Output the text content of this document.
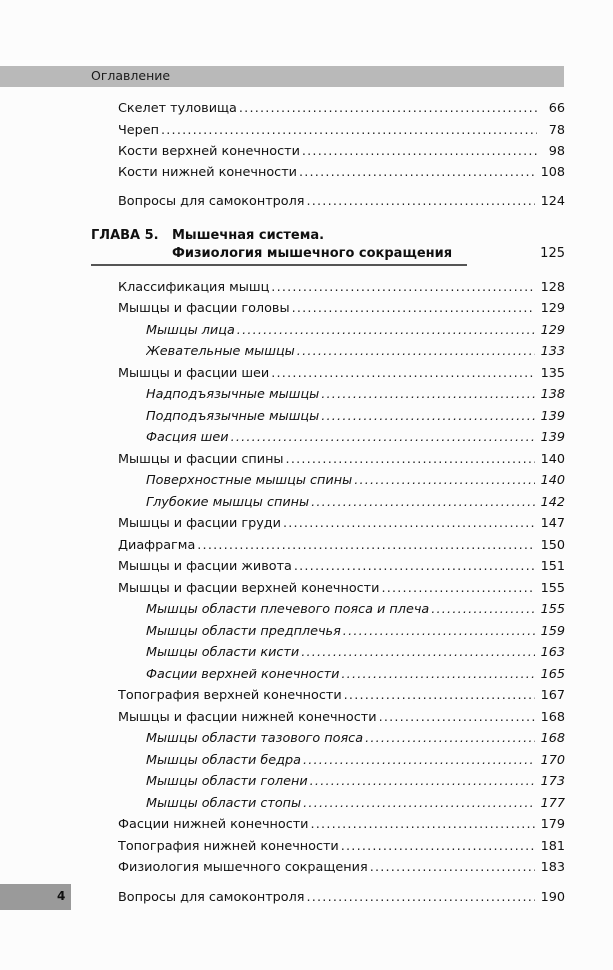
Оглавление
Скелет туловища .....	66
Череп .....	78
Кости верхней конечности .....	98
Кости нижней конечности .....	108
Вопросы для самоконтроля .....	124
ГЛАВА 5. Мышечная система.
Физиология мышечного сокращения	125
Классификация мышц .....	128
Мышцы и фасции головы .....	129
Мышцы лица .....	129
Жевательные мышцы .....	133
Мышцы и фасции шеи .....	135
Надподъязычные мышцы .....	138
Подподъязычные мышцы .....	139
Фасция шеи .....	139
Мышцы и фасции спины .....	140
Поверхностные мышцы спины .....	140
Глубокие мышцы спины .....	142
Мышцы и фасции груди .....	147
Диафрагма .....	150
Мышцы и фасции живота .....	151
Мышцы и фасции верхней конечности .....	155
Мышцы области плечевого пояса и плеча .....	155
Мышцы области предплечья .....	159
Мышцы области кисти .....	163
Фасции верхней конечности .....	165
Топография верхней конечности .....	167
Мышцы и фасции нижней конечности .....	168
Мышцы области тазового пояса .....	168
Мышцы области бедра .....	170
Мышцы области голени .....	173
Мышцы области стопы .....	177
Фасции нижней конечности .....	179
Топография нижней конечности .....	181
Физиология мышечного сокращения .....	183
Вопросы для самоконтроля .....	190
4
